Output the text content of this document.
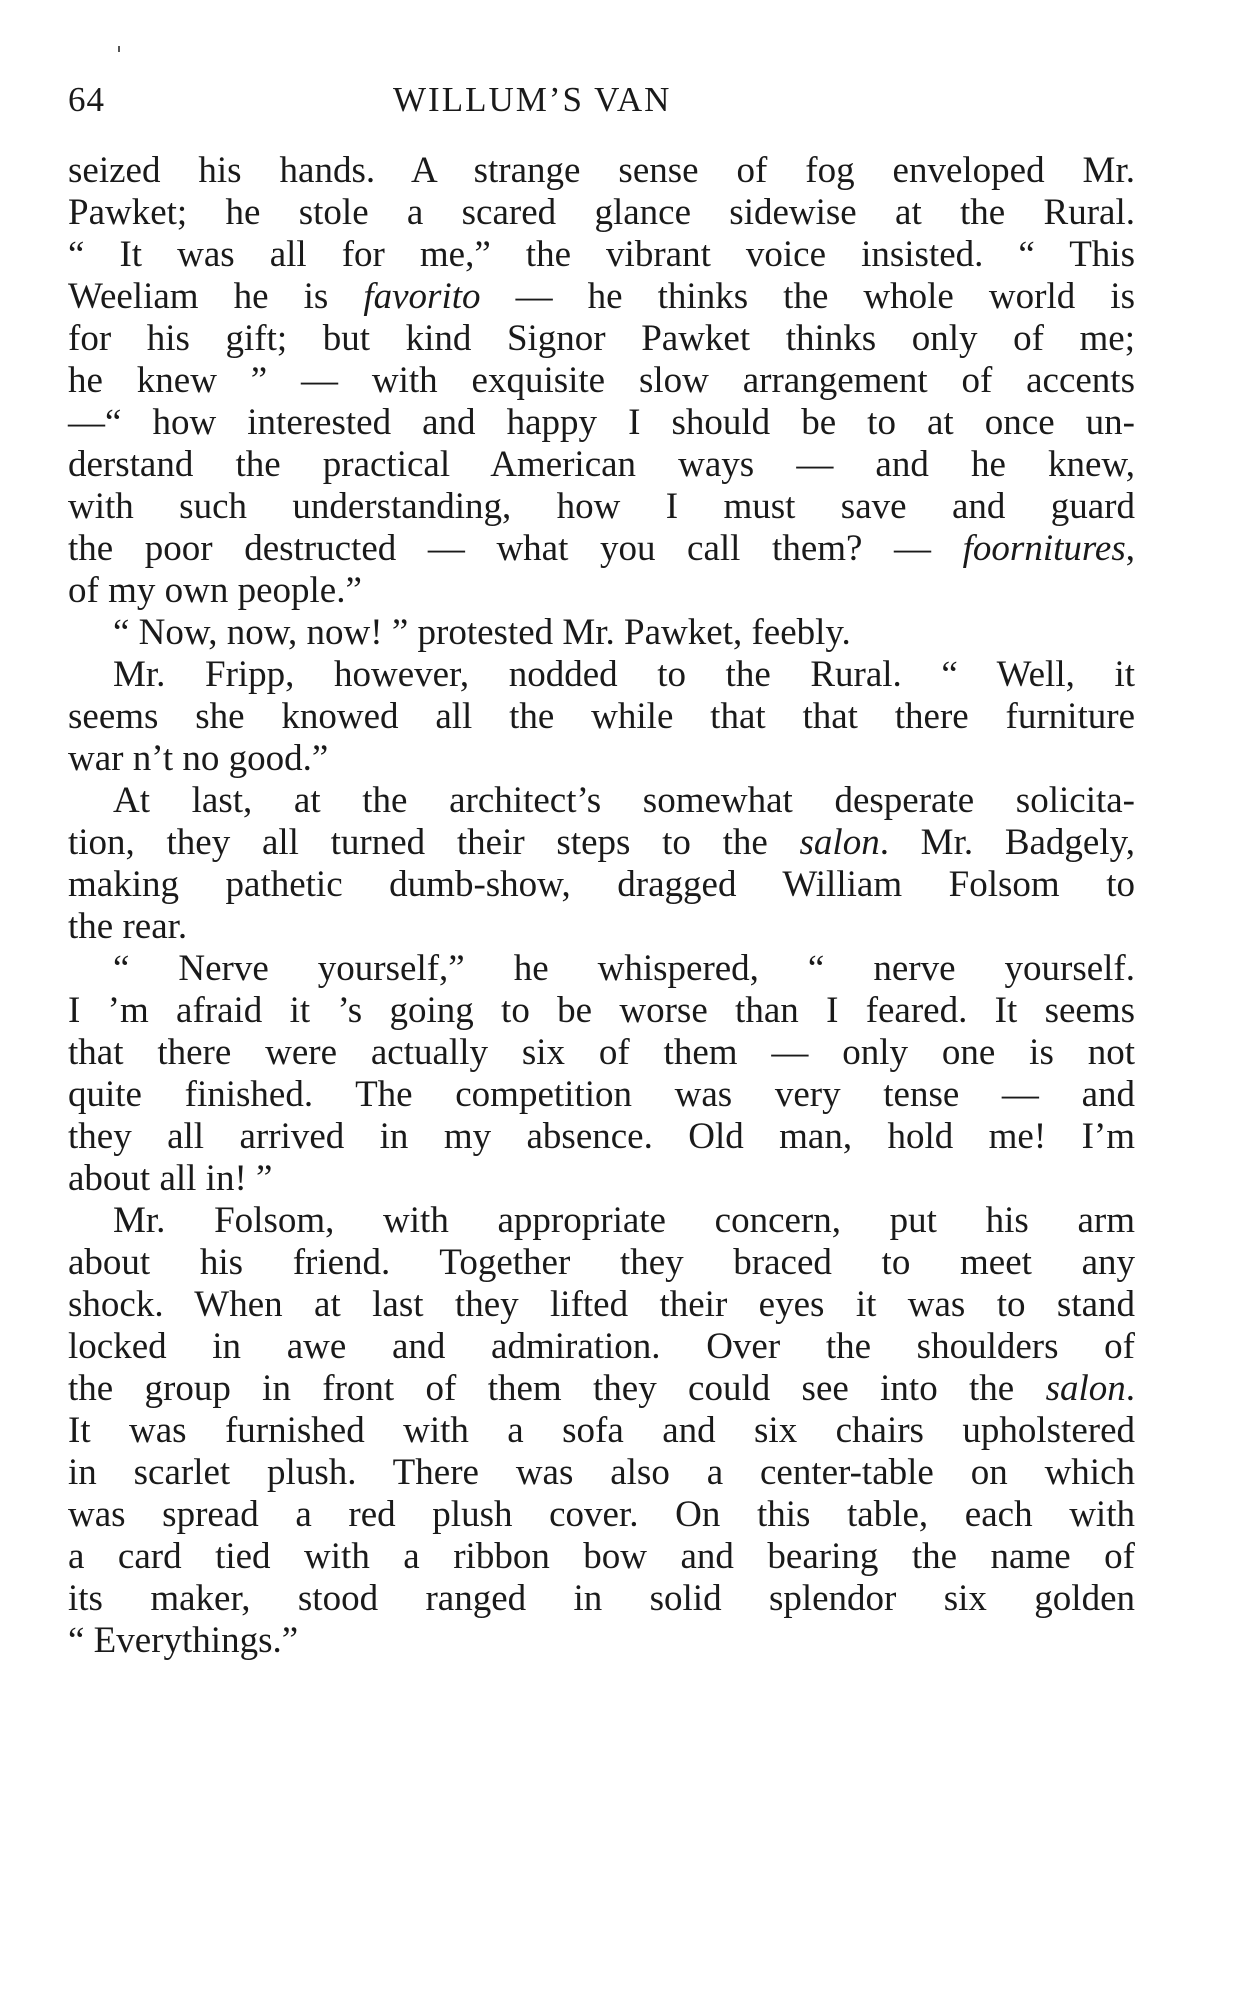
64	WILLUM’S VAN
seized his hands. A strange sense of fog enveloped Mr.
Pawket; he stole a scared glance sidewise at the Rural.
“ It was all for me,” the vibrant voice insisted. “ This
Weeliam he is favorito — he thinks the whole world is
for his gift; but kind Signor Pawket thinks only of me;
he knew ” — with exquisite slow arrangement of accents
—“ how interested and happy I should be to at once un-
derstand the practical American ways — and he knew,
with such understanding, how I must save and guard
the poor destructed — what you call them? — foornitures,
of my own people.”
“ Now, now, now! ” protested Mr. Pawket, feebly.
Mr. Fripp, however, nodded to the Rural. “ Well, it
seems she knowed all the while that that there furniture
war n’t no good.”
At last, at the architect’s somewhat desperate solicita-
tion, they all turned their steps to the salon. Mr. Badgely,
making pathetic dumb-show, dragged William Folsom to
the rear.
“ Nerve yourself,” he whispered, “ nerve yourself.
I ’m afraid it ’s going to be worse than I feared. It seems
that there were actually six of them — only one is not
quite finished. The competition was very tense — and
they all arrived in my absence. Old man, hold me! I’m
about all in! ”
Mr. Folsom, with appropriate concern, put his arm
about his friend. Together they braced to meet any
shock. When at last they lifted their eyes it was to stand
locked in awe and admiration. Over the shoulders of
the group in front of them they could see into the salon.
It was furnished with a sofa and six chairs upholstered
in scarlet plush. There was also a center-table on which
was spread a red plush cover. On this table, each with
a card tied with a ribbon bow and bearing the name of
its maker, stood ranged in solid splendor six golden
“ Everythings.”
